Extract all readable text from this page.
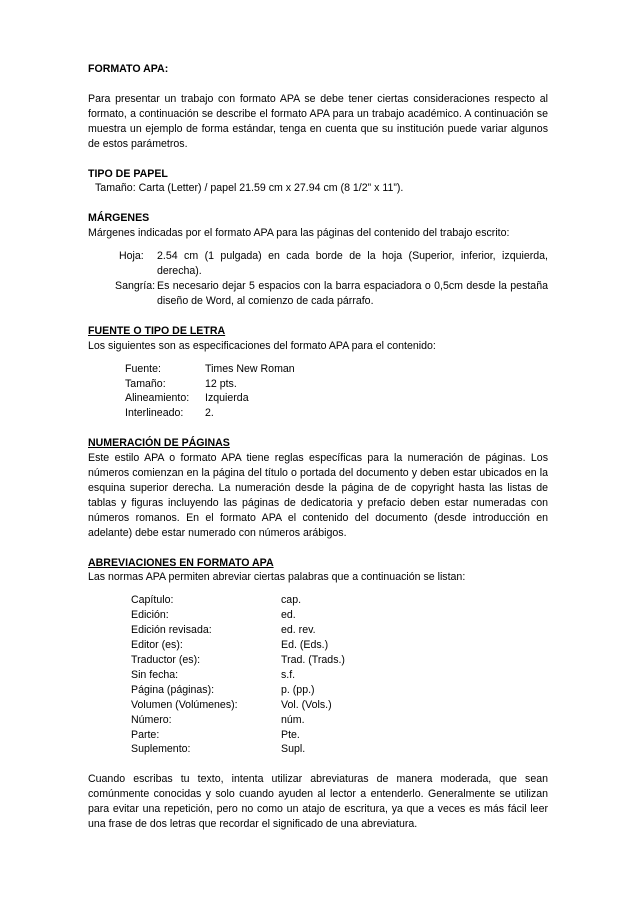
FORMATO APA:

Para presentar un trabajo con formato APA se debe tener ciertas consideraciones respecto al formato, a continuación se describe el formato APA para un trabajo académico. A continuación se muestra un ejemplo de forma estándar, tenga en cuenta que su institución puede variar algunos de estos parámetros.

TIPO DE PAPEL

Tamaño: Carta (Letter) / papel 21.59 cm x 27.94 cm (8 1/2” x 11”).

MÁRGENES

Márgenes indicadas por el formato APA para las páginas del contenido del trabajo escrito:

Hoja:	2.54 cm (1 pulgada) en cada borde de la hoja (Superior, inferior, izquierda, derecha).
Sangría: Es necesario dejar 5 espacios con la barra espaciadora o 0,5cm desde la pestaña diseño de Word, al comienzo de cada párrafo.

FUENTE O TIPO DE LETRA

Los siguientes son as especificaciones del formato APA para el contenido:

Fuente:	Times New Roman
Tamaño:	12 pts.
Alineamiento:	Izquierda
Interlineado:	2.

NUMERACIÓN DE PÁGINAS

Este estilo APA o formato APA tiene reglas específicas para la numeración de páginas. Los números comienzan en la página del título o portada del documento y deben estar ubicados en la esquina superior derecha. La numeración desde la página de de copyright hasta las listas de tablas y figuras incluyendo las páginas de dedicatoria y prefacio deben estar numeradas con números romanos. En el formato APA el contenido del documento (desde introducción en adelante) debe estar numerado con números arábigos.

ABREVIACIONES EN FORMATO APA

Las normas APA permiten abreviar ciertas palabras que a continuación se listan:

Capítulo:	cap.
Edición:	ed.
Edición revisada:	ed. rev.
Editor (es):	Ed. (Eds.)
Traductor (es):	Trad. (Trads.)
Sin fecha:	s.f.
Página (páginas):	p. (pp.)
Volumen (Volúmenes):	Vol. (Vols.)
Número:	núm.
Parte:	Pte.
Suplemento:	Supl.

Cuando escribas tu texto, intenta utilizar abreviaturas de manera moderada, que sean comúnmente conocidas y solo cuando ayuden al lector a entenderlo. Generalmente se utilizan para evitar una repetición, pero no como un atajo de escritura, ya que a veces es más fácil leer una frase de dos letras que recordar el significado de una abreviatura.
